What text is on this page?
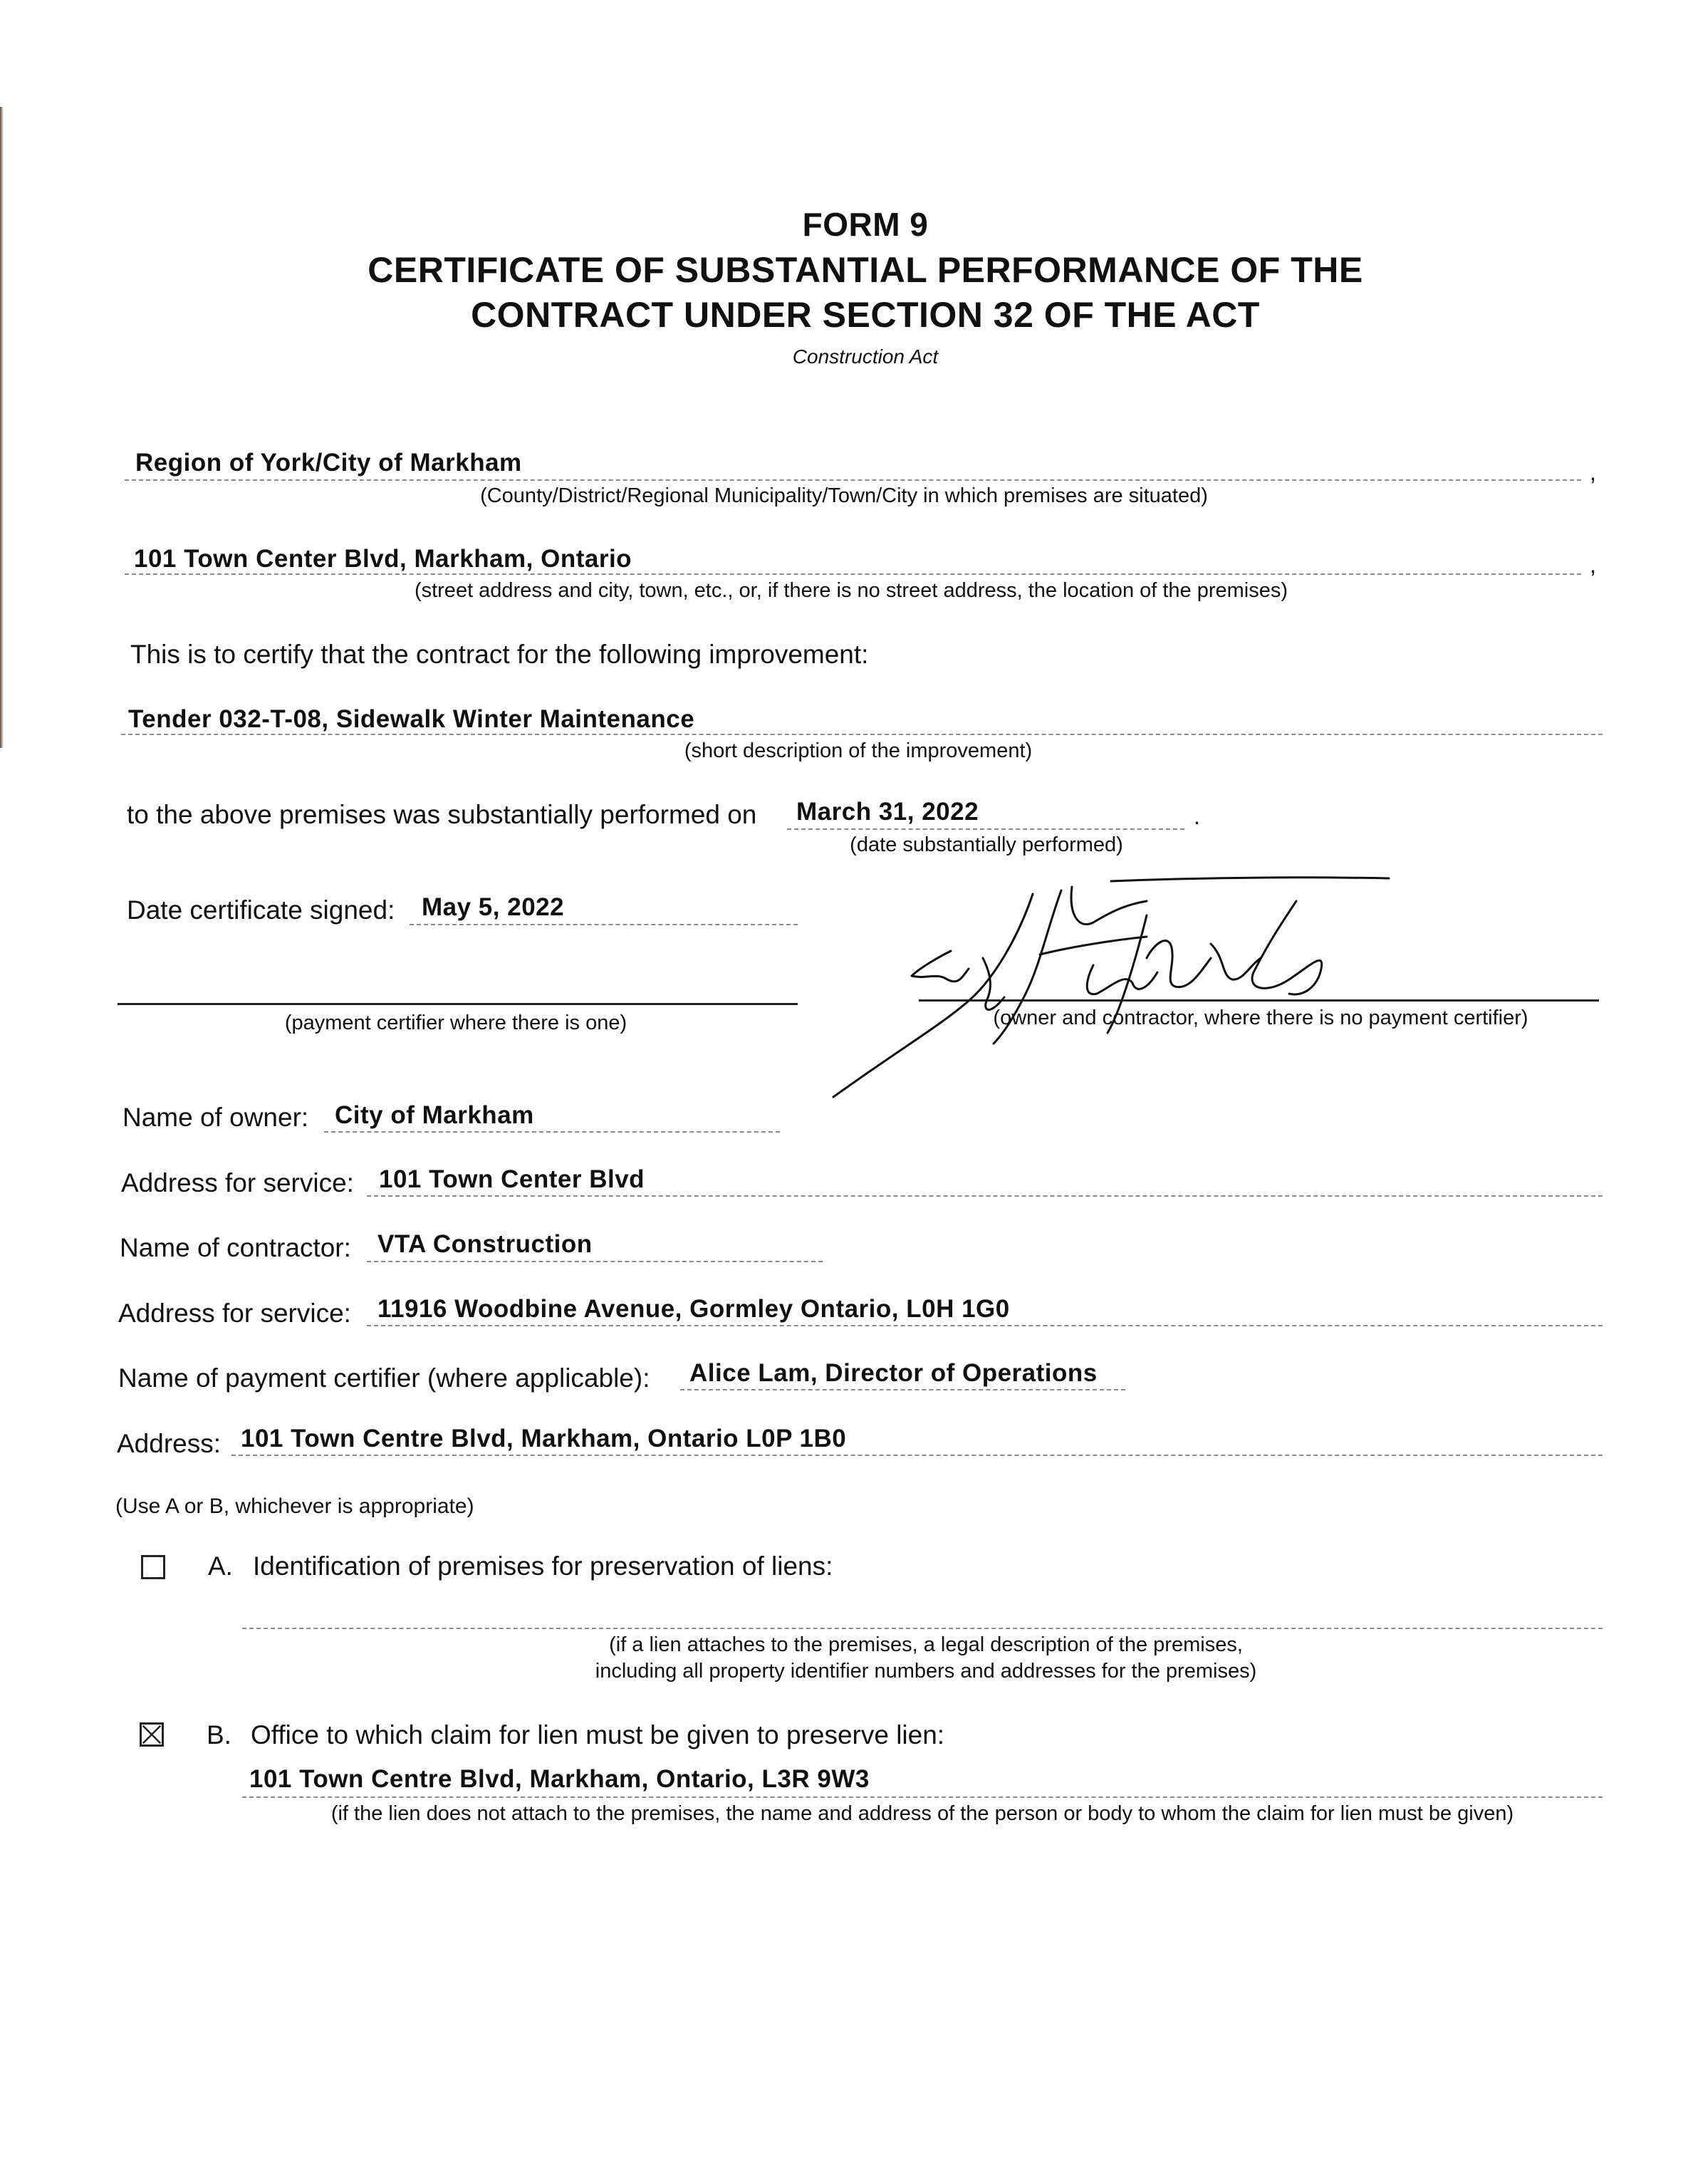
FORM 9
CERTIFICATE OF SUBSTANTIAL PERFORMANCE OF THE
CONTRACT UNDER SECTION 32 OF THE ACT
Construction Act
Region of York/City of Markham	,
(County/District/Regional Municipality/Town/City in which premises are situated)
101 Town Center Blvd, Markham, Ontario	,
(street address and city, town, etc., or, if there is no street address, the location of the premises)
This is to certify that the contract for the following improvement:
Tender 032-T-08, Sidewalk Winter Maintenance
(short description of the improvement)
to the above premises was substantially performed on March 31, 2022	.
(date substantially performed)
Date certificate signed: May 5, 2022
(payment certifier where there is one)	(owner and contractor, where there is no payment certifier)
Name of owner: City of Markham
Address for service: 101 Town Center Blvd
Name of contractor: VTA Construction
Address for service: 11916 Woodbine Avenue, Gormley Ontario, L0H 1G0
Name of payment certifier (where applicable): Alice Lam, Director of Operations
Address: 101 Town Centre Blvd, Markham, Ontario L0P 1B0
(Use A or B, whichever is appropriate)
A. Identification of premises for preservation of liens:
(if a lien attaches to the premises, a legal description of the premises,
including all property identifier numbers and addresses for the premises)
B. Office to which claim for lien must be given to preserve lien:
101 Town Centre Blvd, Markham, Ontario, L3R 9W3
(if the lien does not attach to the premises, the name and address of the person or body to whom the claim for lien must be given)
